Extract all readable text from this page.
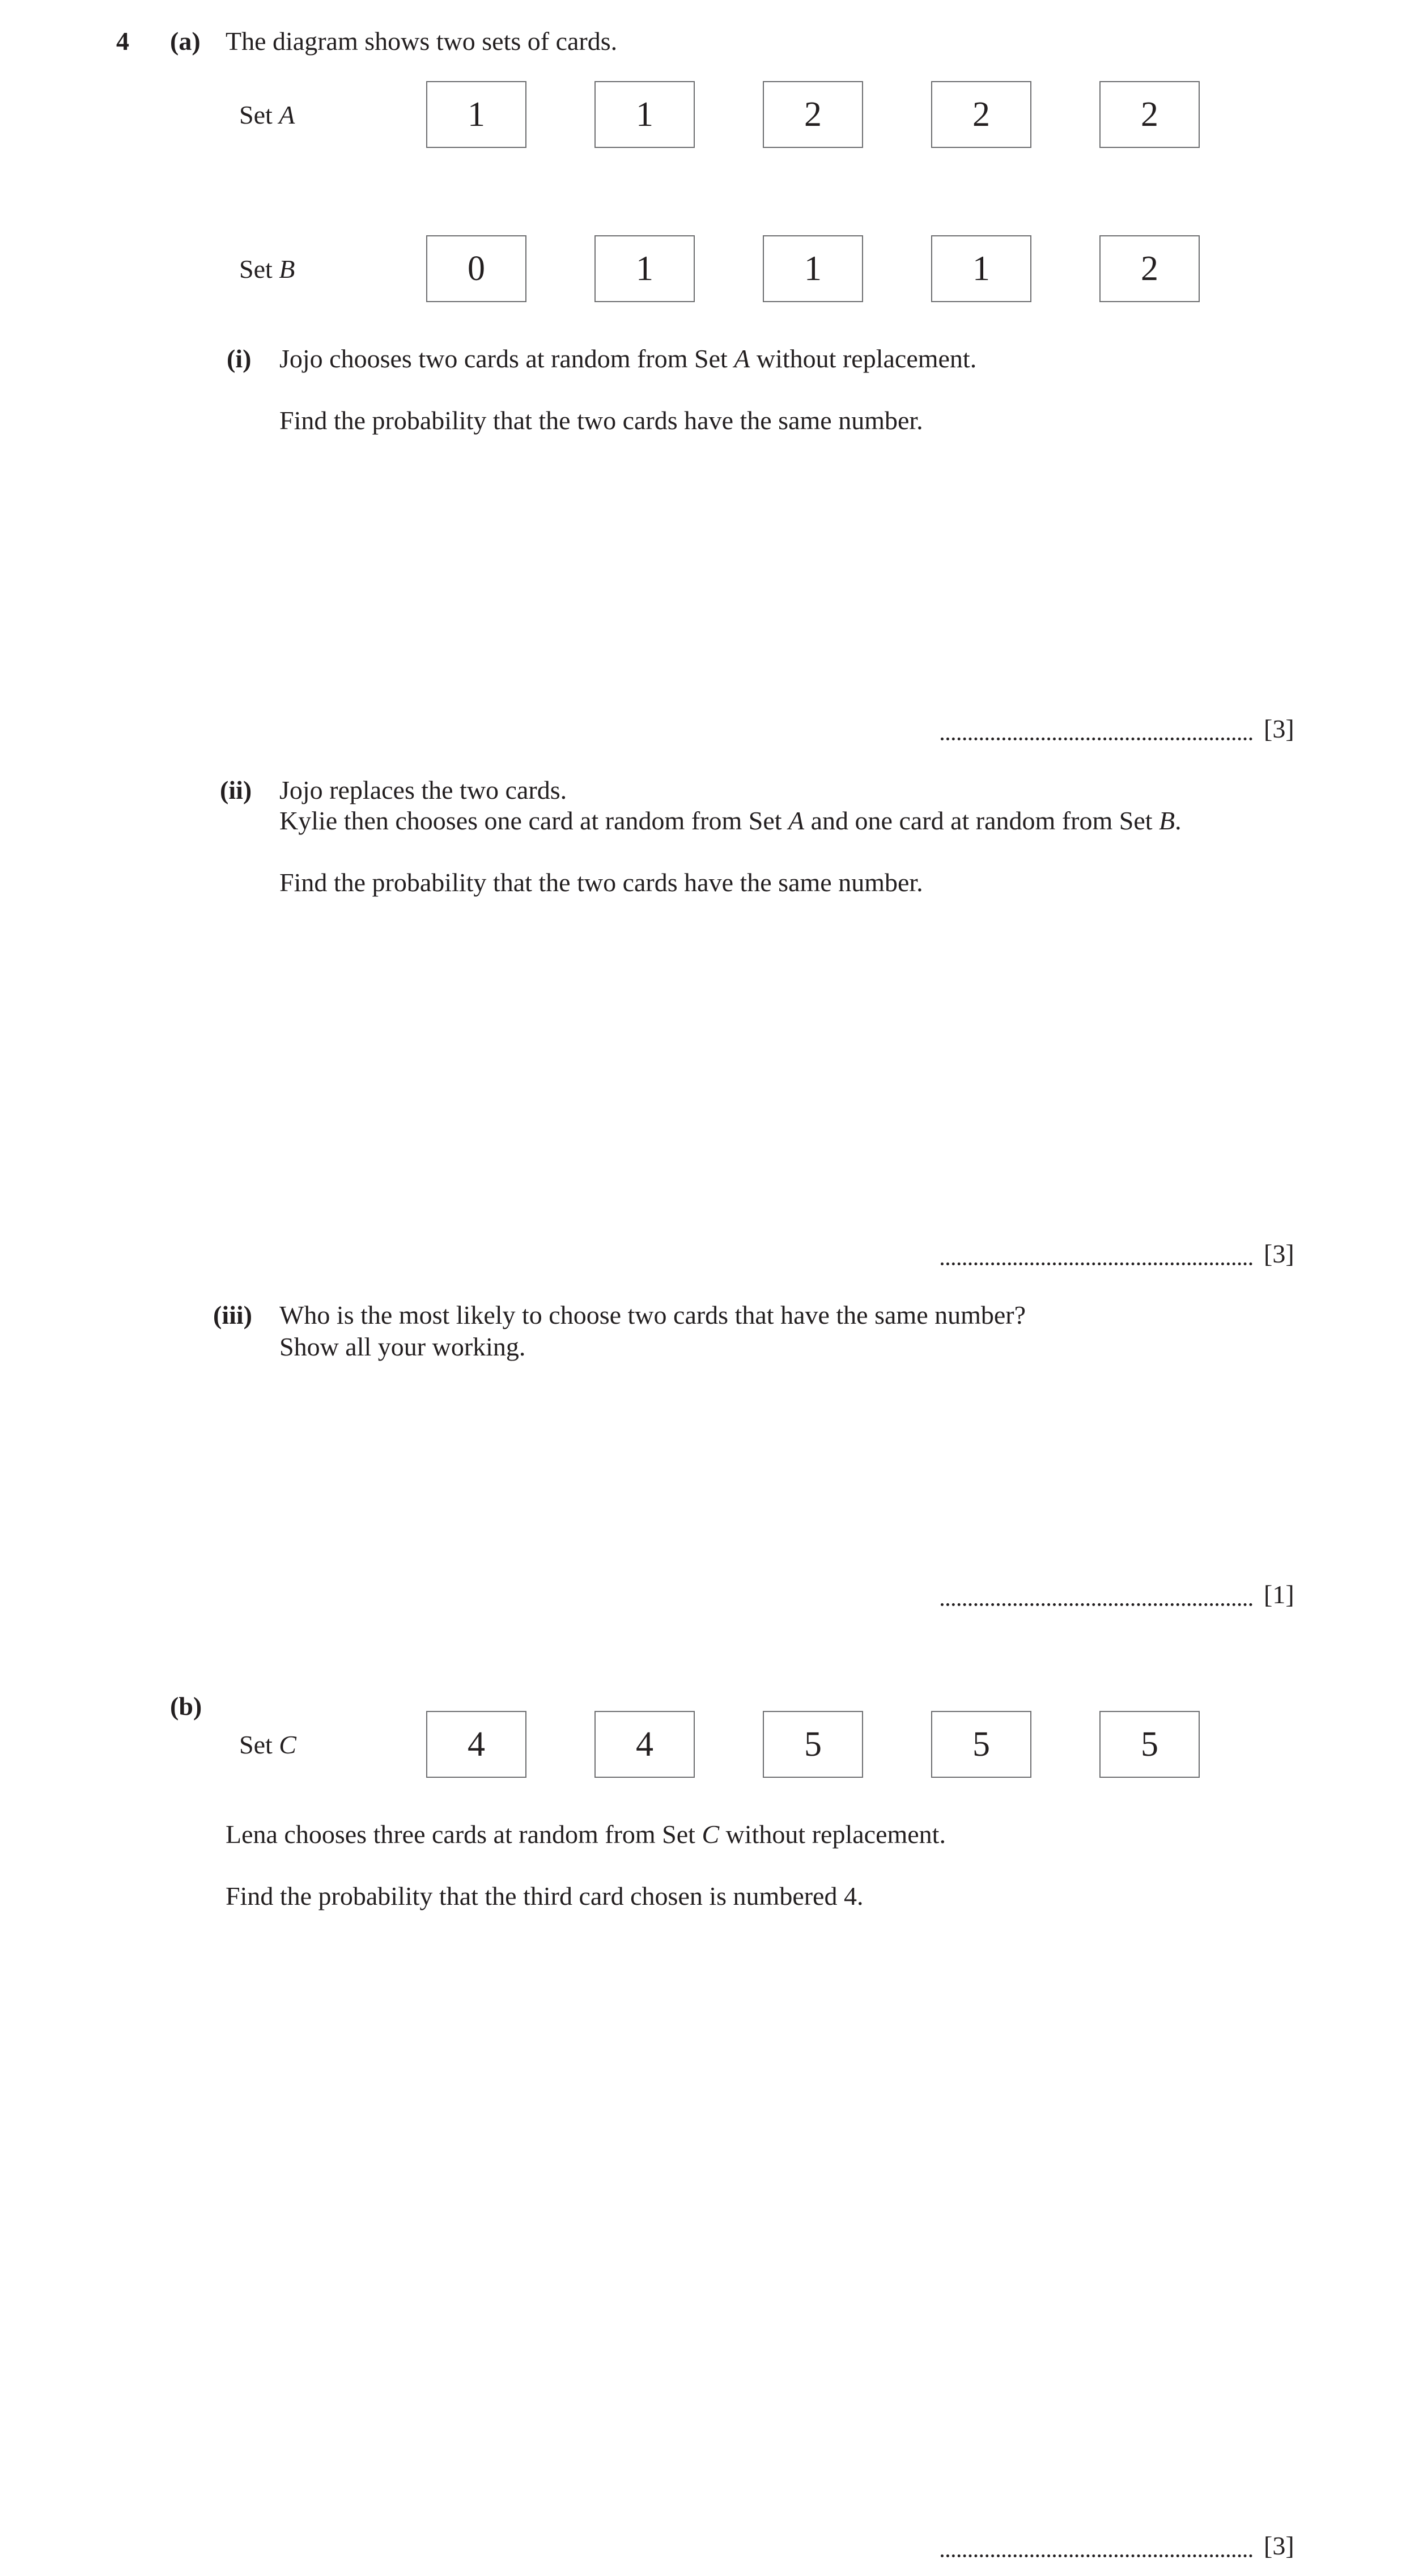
4 (a) The diagram shows two sets of cards.
Set A	1	1	2	2	2
Set B	0	1	1	1	2
(i) Jojo chooses two cards at random from Set A without replacement.
Find the probability that the two cards have the same number.
[3]
(ii) Jojo replaces the two cards.
Kylie then chooses one card at random from Set A and one card at random from Set B.
Find the probability that the two cards have the same number.
[3]
(iii) Who is the most likely to choose two cards that have the same number?
Show all your working.
[1]
(b)
Set C	4	4	5	5	5
Lena chooses three cards at random from Set C without replacement.
Find the probability that the third card chosen is numbered 4.
[3]
